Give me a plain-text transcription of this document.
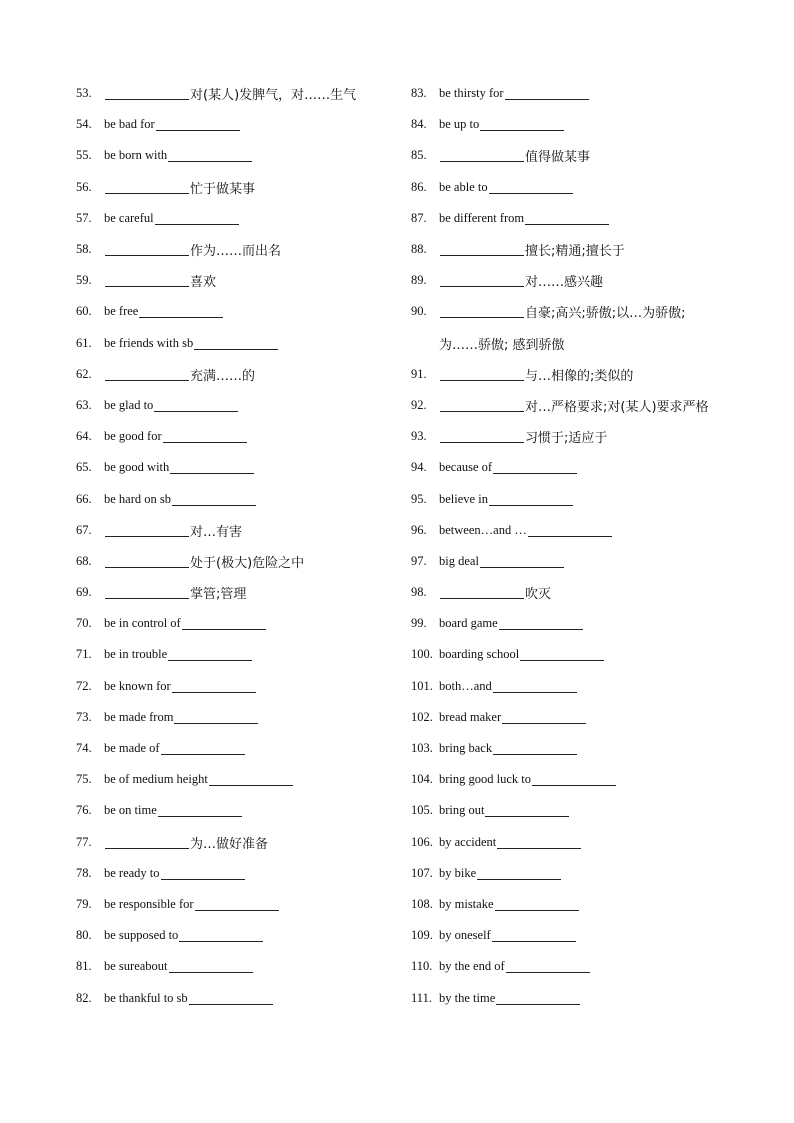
53.	对(某人)发脾气，对……生气
54. be bad for
55. be born with
56.	忙于做某事
57. be careful
58.	作为……而出名
59.	喜欢
60. be free
61. be friends with sb
62.	充满……的
63. be glad to
64. be good for
65. be good with
66. be hard on sb
67.	对…有害
68.	处于(极大)危险之中
69.	掌管;管理
70. be in control of
71. be in trouble
72. be known for
73. be made from
74. be made of
75. be of medium height
76. be on time
77.	为…做好准备
78. be ready to
79. be responsible for
80. be supposed to
81. be sureabout
82. be thankful to sb
83. be thirsty for
84. be up to
85.	值得做某事
86. be able to
87. be different from
88.	擅长;精通;擅长于
89.	对……感兴趣
90.	自豪;高兴;骄傲;以…为骄傲;
为……骄傲; 感到骄傲
91.	与…相像的;类似的
92.	对…严格要求;对(某人)要求严格
93.	习惯于;适应于
94. because of
95. believe in
96. between…and …
97. big deal
98.	吹灭
99. board game
100. boarding school
101. both…and
102. bread maker
103. bring back
104. bring good luck to
105. bring out
106. by accident
107. by bike
108. by mistake
109. by oneself
110. by the end of
111. by the time
